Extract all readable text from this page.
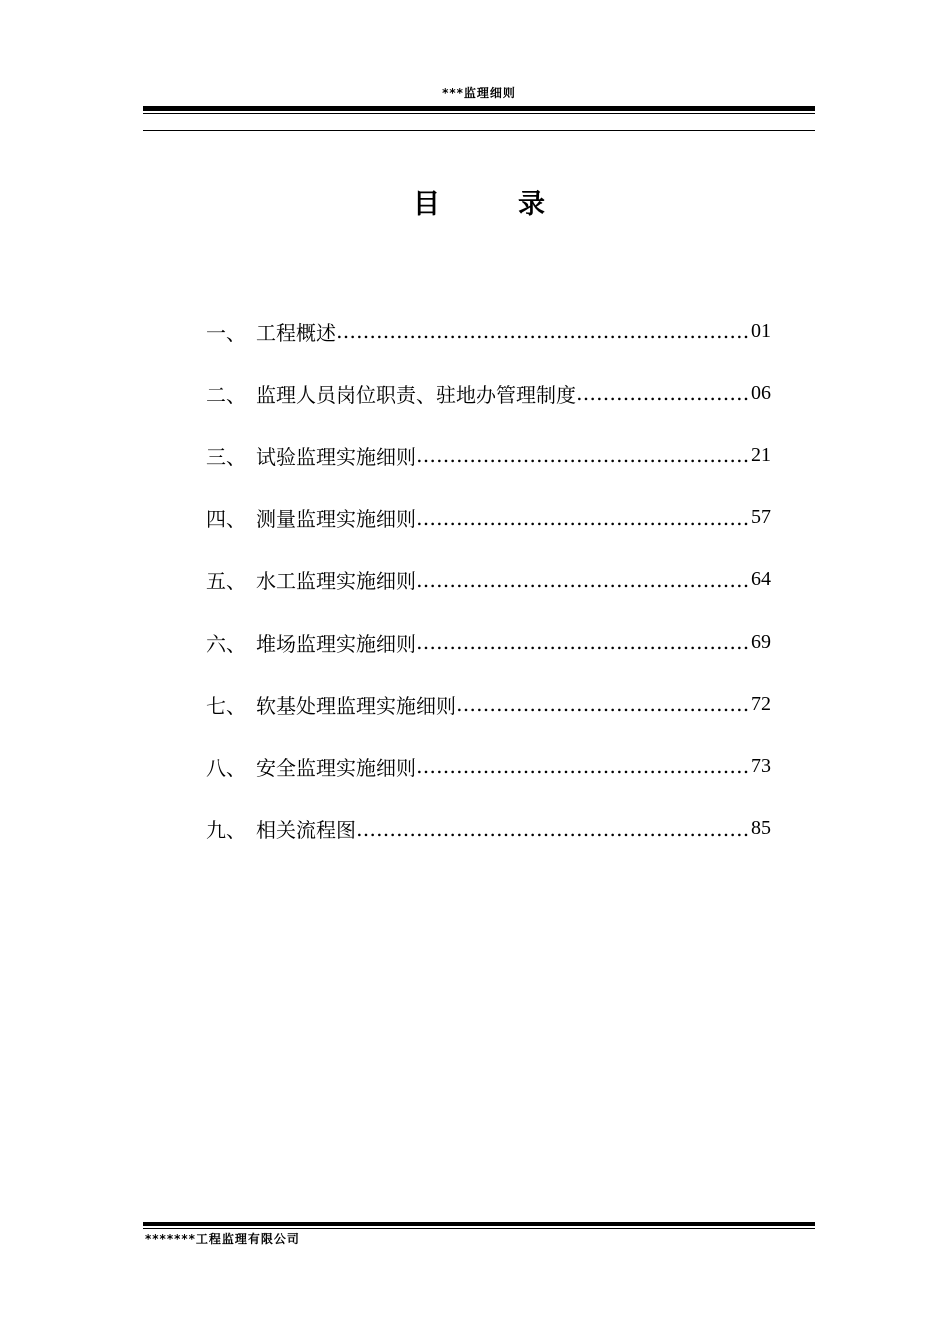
***监理细则
目	录
一、 工程概述 …………………………………………………………………………………………………………	01
二、 监理人员岗位职责、驻地办管理制度 …………………………………………………………………………………………………………	06
三、 试验监理实施细则 …………………………………………………………………………………………………………	21
四、 测量监理实施细则 …………………………………………………………………………………………………………	57
五、 水工监理实施细则 …………………………………………………………………………………………………………	64
六、 堆场监理实施细则 …………………………………………………………………………………………………………	69
七、 软基处理监理实施细则 …………………………………………………………………………………………………………	72
八、 安全监理实施细则 …………………………………………………………………………………………………………	73
九、 相关流程图 …………………………………………………………………………………………………………	85
*******工程监理有限公司
